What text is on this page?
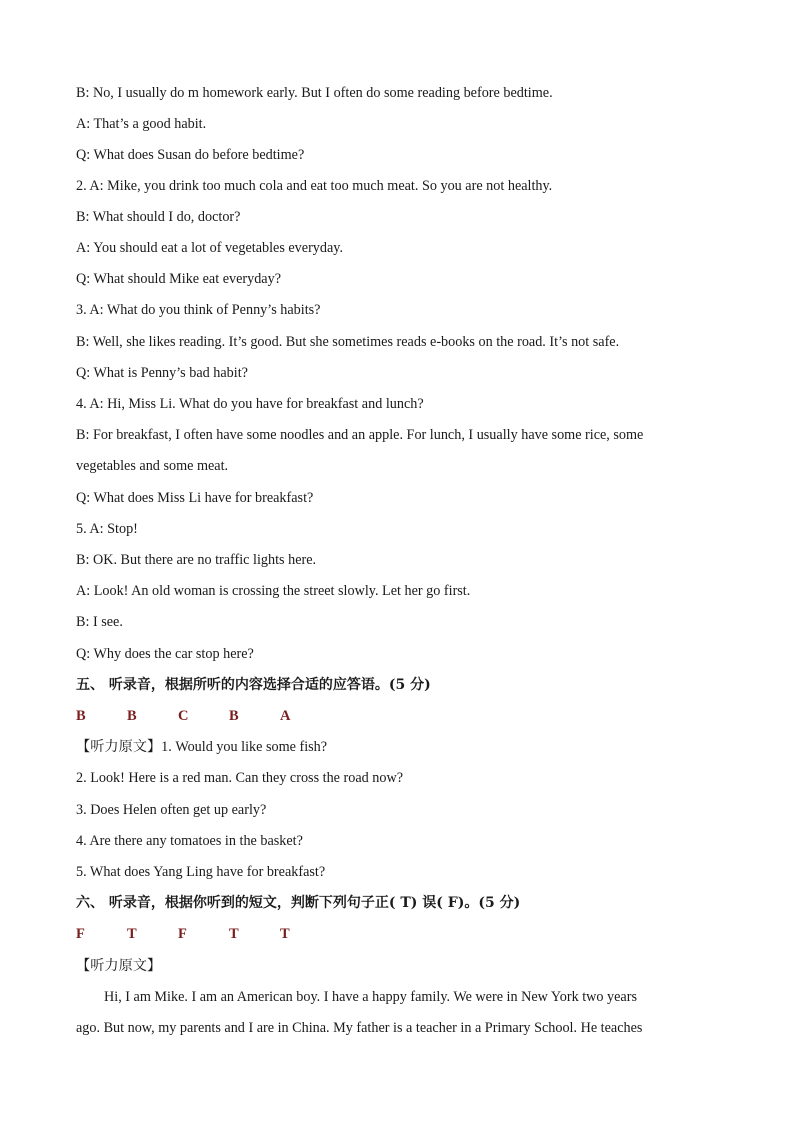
B: No, I usually do m homework early. But I often do some reading before bedtime.
A: That’s a good habit.
Q: What does Susan do before bedtime?
2. A: Mike, you drink too much cola and eat too much meat. So you are not healthy.
B: What should I do, doctor?
A: You should eat a lot of vegetables everyday.
Q: What should Mike eat everyday?
3. A: What do you think of Penny’s habits?
B: Well, she likes reading. It’s good. But she sometimes reads e-books on the road. It’s not safe.
Q: What is Penny’s bad habit?
4. A: Hi, Miss Li. What do you have for breakfast and lunch?
B: For breakfast, I often have some noodles and an apple. For lunch, I usually have some rice, some
vegetables and some meat.
Q: What does Miss Li have for breakfast?
5. A: Stop!
B: OK. But there are no traffic lights here.
A: Look! An old woman is crossing the street slowly. Let her go first.
B: I see.
Q: Why does the car stop here?
五、 听录音，根据所听的内容选择合适的应答语。(5 分)
B	B	C	B	A
【听力原文】1. Would you like some fish?
2. Look! Here is a red man. Can they cross the road now?
3. Does Helen often get up early?
4. Are there any tomatoes in the basket?
5. What does Yang Ling have for breakfast?
六、 听录音，根据你听到的短文，判断下列句子正( T) 误( F)。(5 分)
F	T	F	T	T
【听力原文】
Hi, I am Mike. I am an American boy. I have a happy family. We were in New York two years
ago. But now, my parents and I are in China. My father is a teacher in a Primary School. He teaches
